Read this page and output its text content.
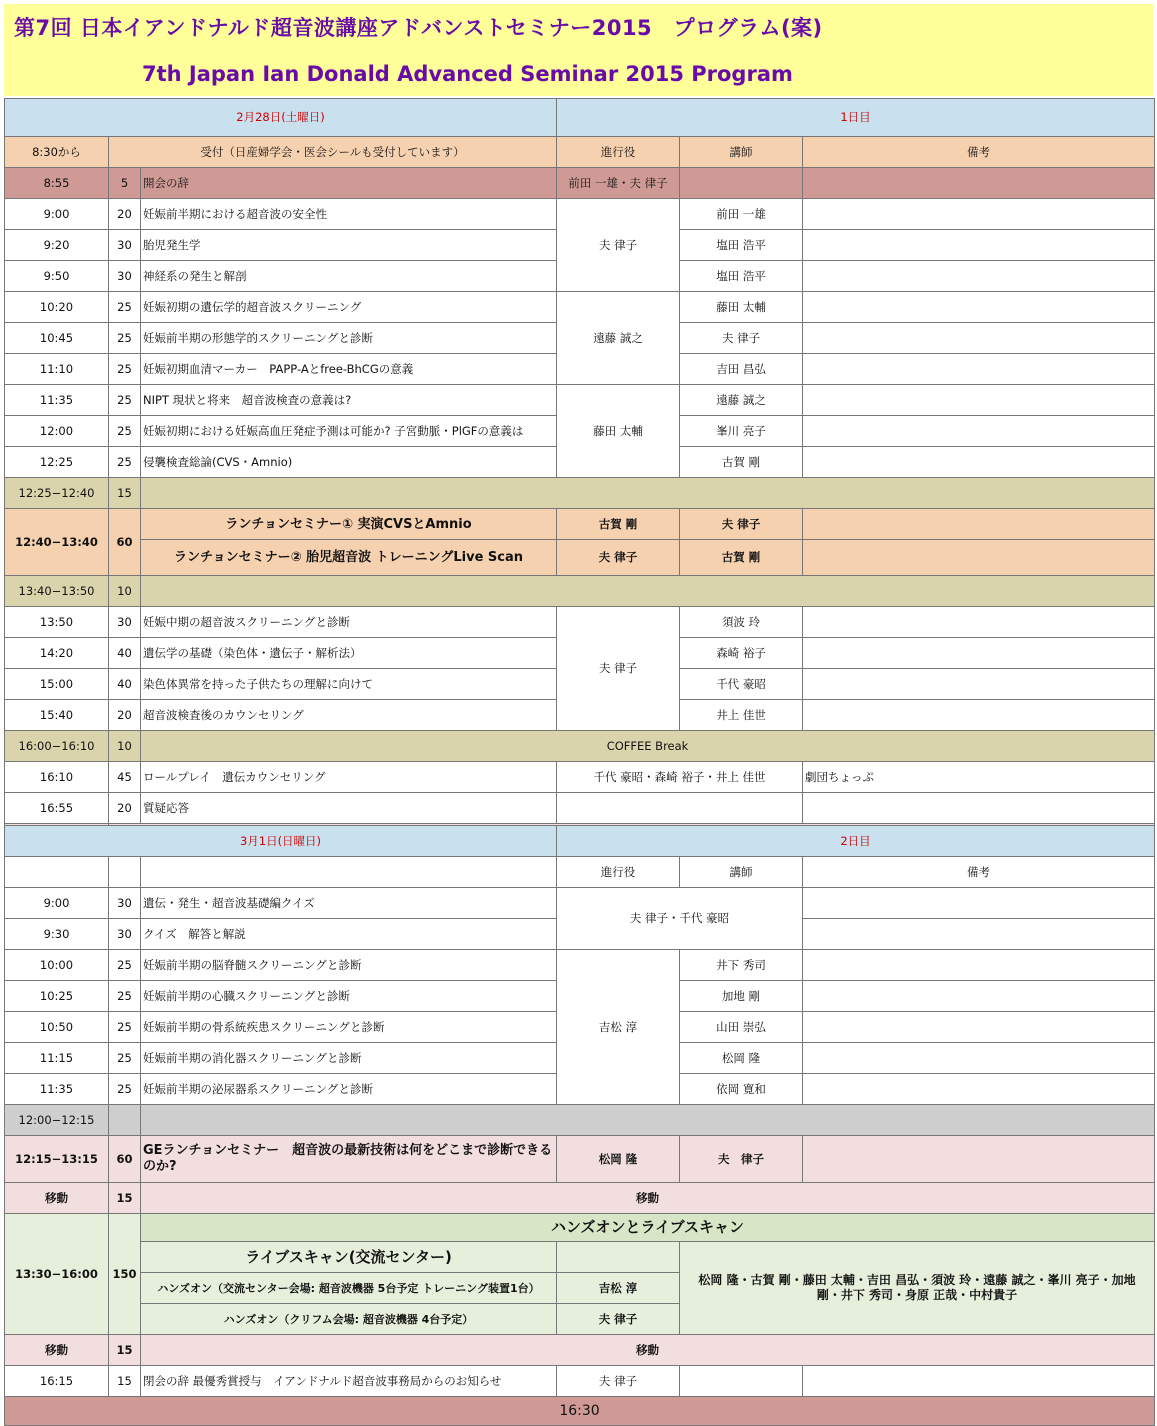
第7回 日本イアンドナルド超音波講座アドバンストセミナー2015　プログラム(案)
7th Japan Ian Donald Advanced Seminar 2015 Program
2月28日(土曜日)			1日目		
8:30から	受付（日産婦学会・医会シールも受付しています）		進行役	講師	備考
8:55	5	開会の辞	前田 一雄・夫 律子		
9:00	20	妊娠前半期における超音波の安全性	夫 律子	前田 一雄	
9:20	30	胎児発生学		塩田 浩平	
9:50	30	神経系の発生と解剖		塩田 浩平	
10:20	25	妊娠初期の遺伝学的超音波スクリーニング	遠藤 誠之	藤田 太輔	
10:45	25	妊娠前半期の形態学的スクリーニングと診断		夫 律子	
11:10	25	妊娠初期血清マーカー　PAPP-Aとfree-BhCGの意義		吉田 昌弘	
11:35	25	NIPT 現状と将来　超音波検査の意義は?	藤田 太輔	遠藤 誠之	
12:00	25	妊娠初期における妊娠高血圧発症予測は可能か? 子宮動脈・PlGFの意義は		峯川 亮子	
12:25	25	侵襲検査総論(CVS・Amnio)		古賀 剛	
12:25−12:40	15				
12:40−13:40	60	ランチョンセミナー① 実演CVSとAmnio	古賀 剛	夫 律子	
		ランチョンセミナー② 胎児超音波 トレーニングLive Scan	夫 律子	古賀 剛	
13:40−13:50	10				
13:50	30	妊娠中期の超音波スクリーニングと診断	夫 律子	須波 玲	
14:20	40	遺伝学の基礎（染色体・遺伝子・解析法）		森崎 裕子	
15:00	40	染色体異常を持った子供たちの理解に向けて		千代 豪昭	
15:40	20	超音波検査後のカウンセリング		井上 佳世	
16:00−16:10	10	COFFEE Break			
16:10	45	ロールプレイ　遺伝カウンセリング	千代 豪昭・森崎 裕子・井上 佳世		劇団ちょっぷ
16:55	20	質疑応答			

3月1日(日曜日)			2日目		
			進行役	講師	備考
9:00	30	遺伝・発生・超音波基礎編クイズ	夫 律子・千代 豪昭		
9:30	30	クイズ　解答と解説			
10:00	25	妊娠前半期の脳脊髄スクリーニングと診断	吉松 淳	井下 秀司	
10:25	25	妊娠前半期の心臓スクリーニングと診断		加地 剛	
10:50	25	妊娠前半期の骨系統疾患スクリーニングと診断		山田 崇弘	
11:15	25	妊娠前半期の消化器スクリーニングと診断		松岡 隆	
11:35	25	妊娠前半期の泌尿器系スクリーニングと診断		依岡 寛和	
12:00−12:15					
12:15−13:15	60	GEランチョンセミナー　超音波の最新技術は何をどこまで診断できるのか?	松岡 隆	夫　律子	
移動	15	移動			
13:30−16:00	150	ハンズオンとライブスキャン			
		ライブスキャン(交流センター)		松岡 隆・古賀 剛・藤田 太輔・吉田 昌弘・須波 玲・遠藤 誠之・峯川 亮子・加地 剛・井下 秀司・身原 正哉・中村貴子	
		ハンズオン（交流センター会場: 超音波機器 5台予定 トレーニング装置1台）	吉松 淳		
		ハンズオン（クリフム会場: 超音波機器 4台予定）	夫 律子		
移動	15	移動			
16:15	15	閉会の辞 最優秀賞授与　イアンドナルド超音波事務局からのお知らせ	夫 律子		
16:30					
